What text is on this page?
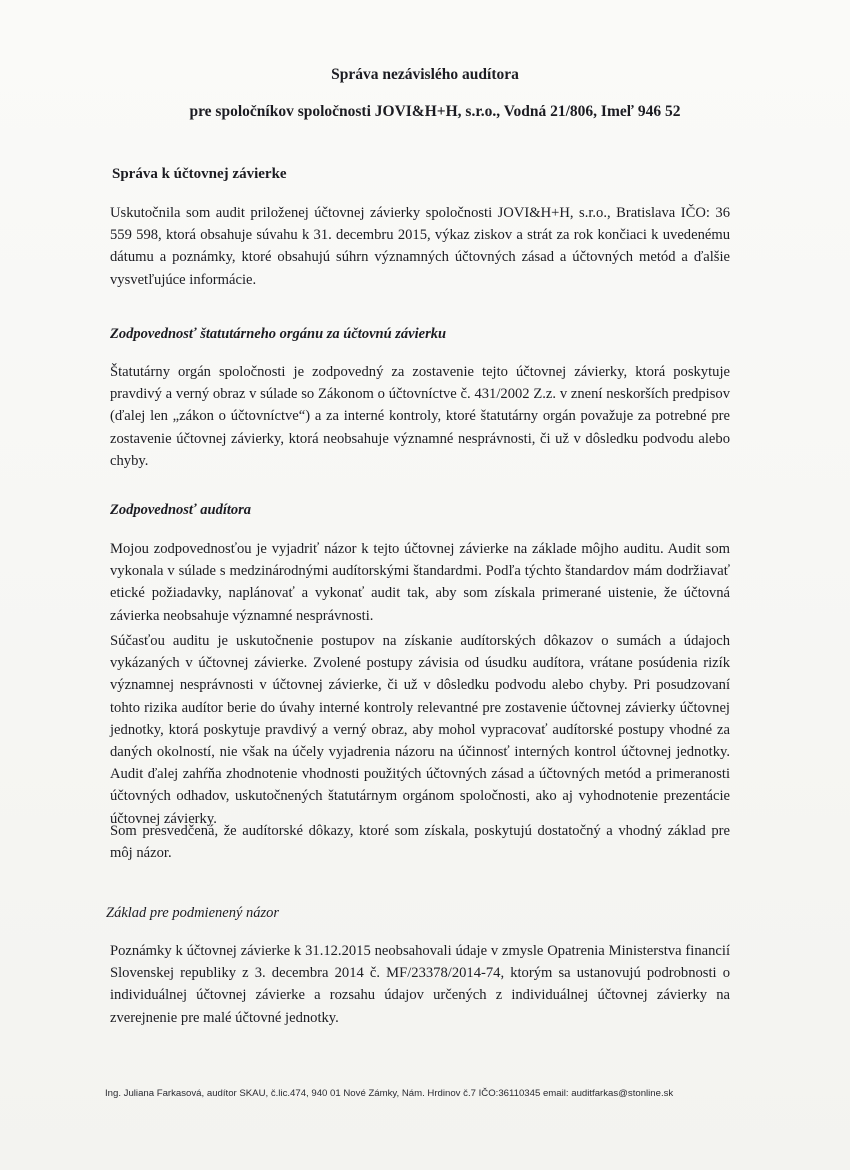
Správa nezávislého audítora
pre spoločníkov spoločnosti JOVI&H+H, s.r.o., Vodná 21/806, Imeľ 946 52
Správa k účtovnej závierke

Uskutočnila som audit priloženej účtovnej závierky spoločnosti JOVI&H+H, s.r.o., Bratislava IČO: 36 559 598, ktorá obsahuje súvahu k 31. decembru 2015, výkaz ziskov a strát za rok končiaci k uvedenému dátumu a poznámky, ktoré obsahujú súhrn významných účtovných zásad a účtovných metód a ďalšie vysvetľujúce informácie.

Zodpovednosť štatutárneho orgánu za účtovnú závierku

Štatutárny orgán spoločnosti je zodpovedný za zostavenie tejto účtovnej závierky, ktorá poskytuje pravdivý a verný obraz v súlade so Zákonom o účtovníctve č. 431/2002 Z.z. v znení neskorších predpisov (ďalej len „zákon o účtovníctve“) a za interné kontroly, ktoré štatutárny orgán považuje za potrebné pre zostavenie účtovnej závierky, ktorá neobsahuje významné nesprávnosti, či už v dôsledku podvodu alebo chyby.

Zodpovednosť audítora

Mojou zodpovednosťou je vyjadriť názor k tejto účtovnej závierke na základe môjho auditu. Audit som vykonala v súlade s medzinárodnými audítorskými štandardmi. Podľa týchto štandardov mám dodržiavať etické požiadavky, naplánovať a vykonať audit tak, aby som získala primerané uistenie, že účtovná závierka neobsahuje významné nesprávnosti.

Súčasťou auditu je uskutočnenie postupov na získanie audítorských dôkazov o sumách a údajoch vykázaných v účtovnej závierke. Zvolené postupy závisia od úsudku audítora, vrátane posúdenia rizík významnej nesprávnosti v účtovnej závierke, či už v dôsledku podvodu alebo chyby. Pri posudzovaní tohto rizika audítor berie do úvahy interné kontroly relevantné pre zostavenie účtovnej závierky účtovnej jednotky, ktorá poskytuje pravdivý a verný obraz, aby mohol vypracovať audítorské postupy vhodné za daných okolností, nie však na účely vyjadrenia názoru na účinnosť interných kontrol účtovnej jednotky. Audit ďalej zahŕňa zhodnotenie vhodnosti použitých účtovných zásad a účtovných metód a primeranosti účtovných odhadov, uskutočnených štatutárnym orgánom spoločnosti, ako aj vyhodnotenie prezentácie účtovnej závierky.

Som presvedčená, že audítorské dôkazy, ktoré som získala, poskytujú dostatočný a vhodný základ pre môj názor.

Základ pre podmienený názor

Poznámky k účtovnej závierke k 31.12.2015 neobsahovali údaje v zmysle Opatrenia Ministerstva financií Slovenskej republiky z 3. decembra 2014 č. MF/23378/2014-74, ktorým sa ustanovujú podrobnosti o individuálnej účtovnej závierke a rozsahu údajov určených z individuálnej účtovnej závierky na zverejnenie pre malé účtovné jednotky.

Ing. Juliana Farkasová, audítor SKAU, č.lic.474, 940 01 Nové Zámky, Nám. Hrdinov č.7 IČO:36110345 email: auditfarkas@stonline.sk
